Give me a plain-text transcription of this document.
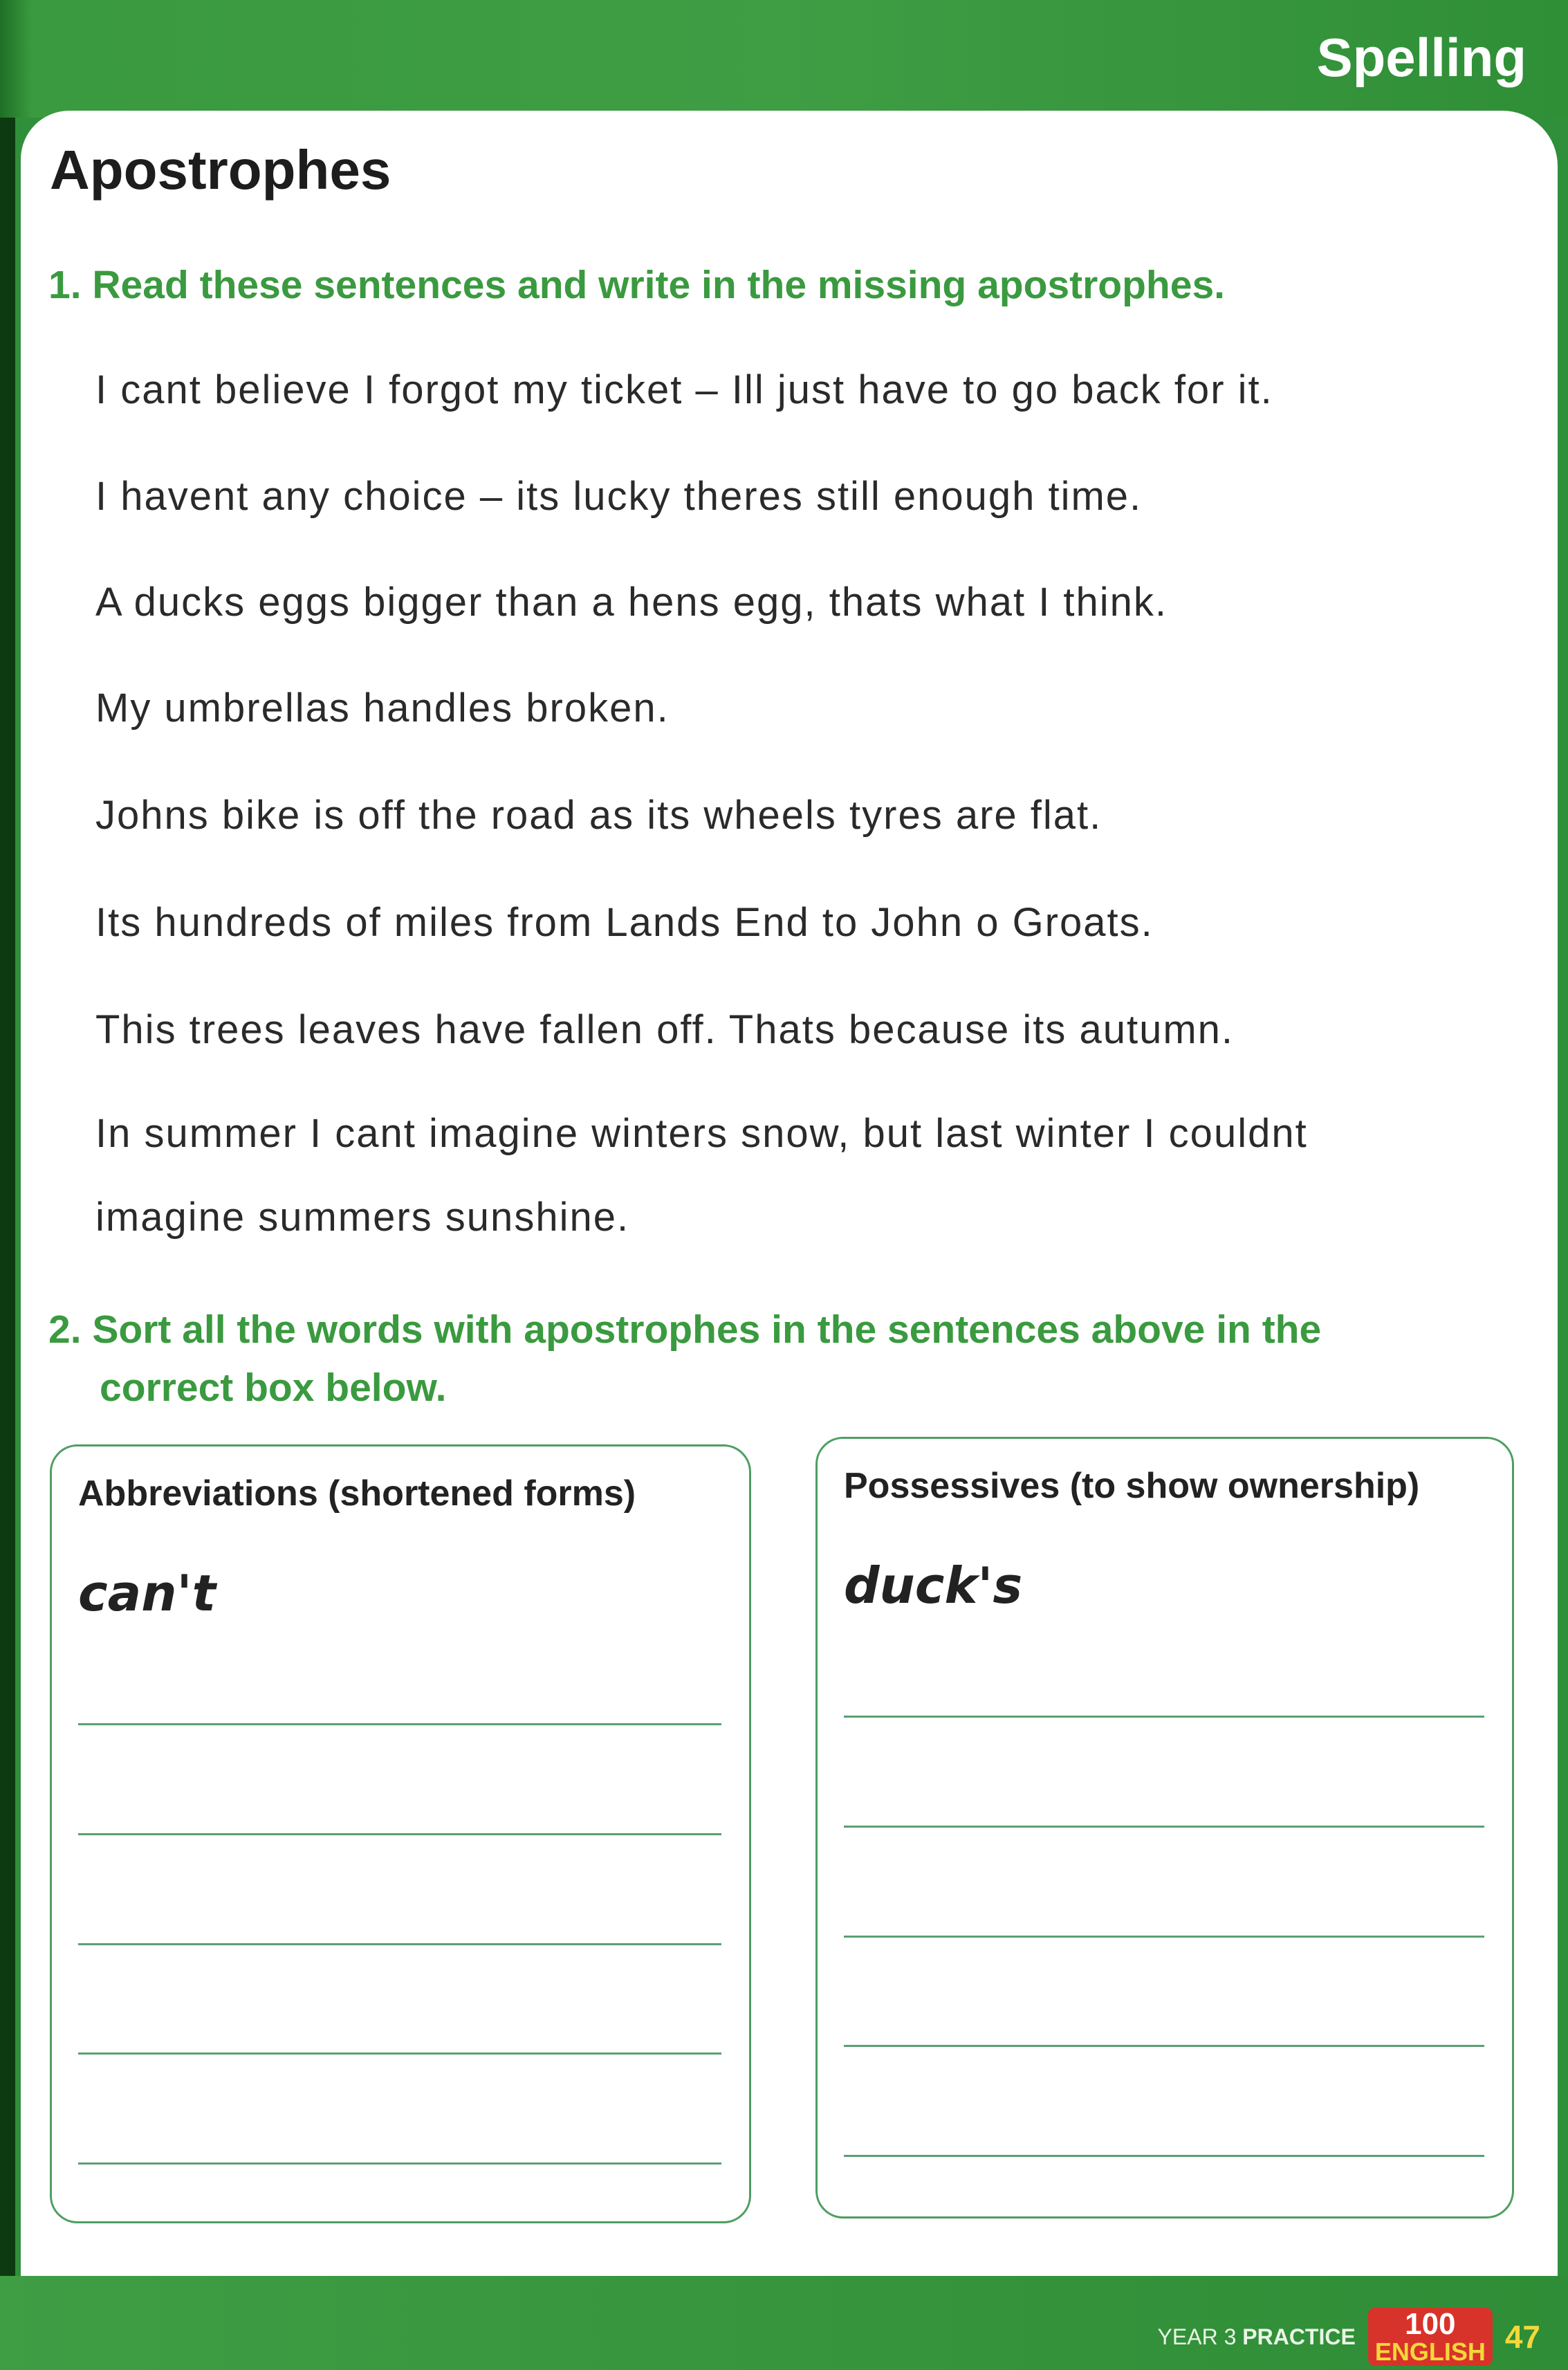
Spelling
Apostrophes
1. Read these sentences and write in the missing apostrophes.
I cant believe I forgot my ticket – Ill just have to go back for it.
I havent any choice – its lucky theres still enough time.
A ducks eggs bigger than a hens egg, thats what I think.
My umbrellas handles broken.
Johns bike is off the road as its wheels tyres are flat.
Its hundreds of miles from Lands End to John o Groats.
This trees leaves have fallen off. Thats because its autumn.
In summer I cant imagine winters snow, but last winter I couldnt
imagine summers sunshine.
2. Sort all the words with apostrophes in the sentences above in the
correct box below.
Abbreviations (shortened forms)
can't
Possessives (to show ownership)
duck's
YEAR 3 PRACTICE	100
ENGLISH 47
